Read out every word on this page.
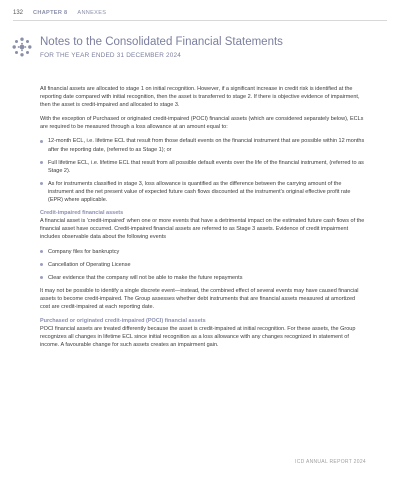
132 CHAPTER 8 ANNEXES
Notes to the Consolidated Financial Statements
FOR THE YEAR ENDED 31 DECEMBER 2024

All financial assets are allocated to stage 1 on initial recognition. However, if a significant increase in credit risk is identified at the reporting date compared with initial recognition, then the asset is transferred to stage 2. If there is objective evidence of impairment, then the asset is credit-impaired and allocated to stage 3.

With the exception of Purchased or originated credit-impaired (POCI) financial assets (which are considered separately below), ECLs are required to be measured through a loss allowance at an amount equal to:

12-month ECL, i.e. lifetime ECL that result from those default events on the financial instrument that are possible within 12 months after the reporting date, (referred to as Stage 1); or
Full lifetime ECL, i.e. lifetime ECL that result from all possible default events over the life of the financial instrument, (referred to as Stage 2).
As for instruments classified in stage 3, loss allowance is quantified as the difference between the carrying amount of the instrument and the net present value of expected future cash flows discounted at the instrument's original effective profit rate (EPR) where applicable.
Credit-impaired financial assets

A financial asset is 'credit-impaired' when one or more events that have a detrimental impact on the estimated future cash flows of the financial asset have occurred. Credit-impaired financial assets are referred to as Stage 3 assets. Evidence of credit impairment includes observable data about the following events

Company files for bankruptcy
Cancellation of Operating License
Clear evidence that the company will not be able to make the future repayments

It may not be possible to identify a single discrete event—instead, the combined effect of several events may have caused financial assets to become credit-impaired. The Group assesses whether debt instruments that are financial assets measured at amortized cost are credit-impaired at each reporting date.

Purchased or originated credit-impaired (POCI) financial assets

POCI financial assets are treated differently because the asset is credit-impaired at initial recognition. For these assets, the Group recognizes all changes in lifetime ECL since initial recognition as a loss allowance with any changes recognized in statement of income. A favourable change for such assets creates an impairment gain.

ICD ANNUAL REPORT 2024
